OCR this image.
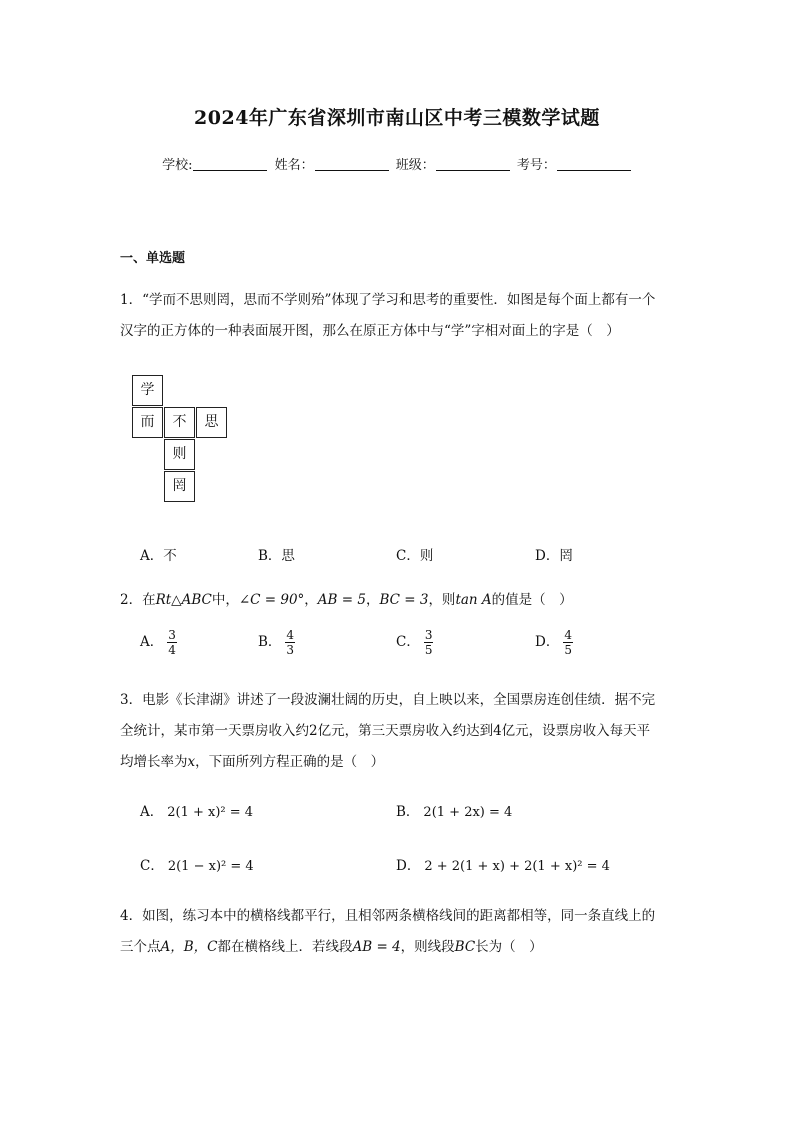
2024年广东省深圳市南山区中考三模数学试题
学校:	姓名：	班级：	考号：
一、单选题
1．“学而不思则罔，思而不学则殆”体现了学习和思考的重要性．如图是每个面上都有一个
汉字的正方体的一种表面展开图，那么在原正方体中与“学”字相对面上的字是（　）
学
而	不	思
则
罔
A．不	B．思	C．则	D．罔
2．在Rt△ABC中，∠C = 90°，AB = 5，BC = 3，则tan A的值是（　）
A． $\frac{3}{4}$	B． $\frac{4}{3}$	C． $\frac{3}{5}$	D． $\frac{4}{5}$
3．电影《长津湖》讲述了一段波澜壮阔的历史，自上映以来，全国票房连创佳绩．据不完
全统计，某市第一天票房收入约2亿元，第三天票房收入约达到4亿元，设票房收入每天平
均增长率为x，下面所列方程正确的是（　）
A． 2(1 + x)² = 4	B． 2(1 + 2x) = 4
C． 2(1 − x)² = 4	D． 2 + 2(1 + x) + 2(1 + x)² = 4
4．如图，练习本中的横格线都平行，且相邻两条横格线间的距离都相等，同一条直线上的
三个点A，B，C都在横格线上．若线段AB = 4，则线段BC长为（　）
